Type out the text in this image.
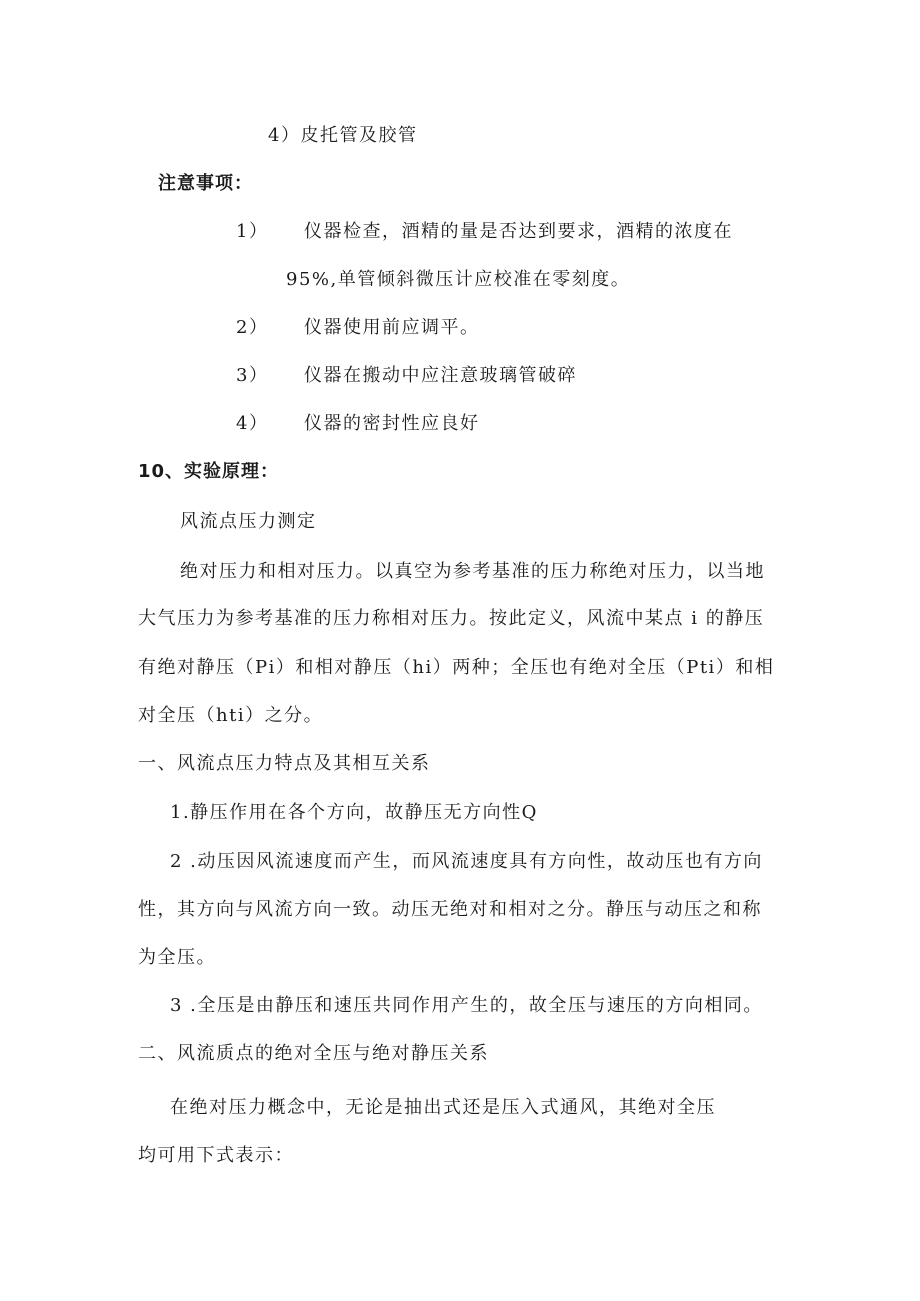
4）皮托管及胶管
注意事项：
1） 仪器检查，酒精的量是否达到要求，酒精的浓度在
95%,单管倾斜微压计应校准在零刻度。
2） 仪器使用前应调平。
3） 仪器在搬动中应注意玻璃管破碎
4） 仪器的密封性应良好
10、实验原理：
风流点压力测定
绝对压力和相对压力。以真空为参考基准的压力称绝对压力，以当地
大气压力为参考基准的压力称相对压力。按此定义，风流中某点 i 的静压
有绝对静压（Pi）和相对静压（hi）两种；全压也有绝对全压（Pti）和相
对全压（hti）之分。
一、风流点压力特点及其相互关系
1.静压作用在各个方向，故静压无方向性Q
2 .动压因风流速度而产生，而风流速度具有方向性，故动压也有方向
性，其方向与风流方向一致。动压无绝对和相对之分。静压与动压之和称
为全压。
3 .全压是由静压和速压共同作用产生的，故全压与速压的方向相同。
二、风流质点的绝对全压与绝对静压关系
在绝对压力概念中，无论是抽出式还是压入式通风，其绝对全压
均可用下式表示：
